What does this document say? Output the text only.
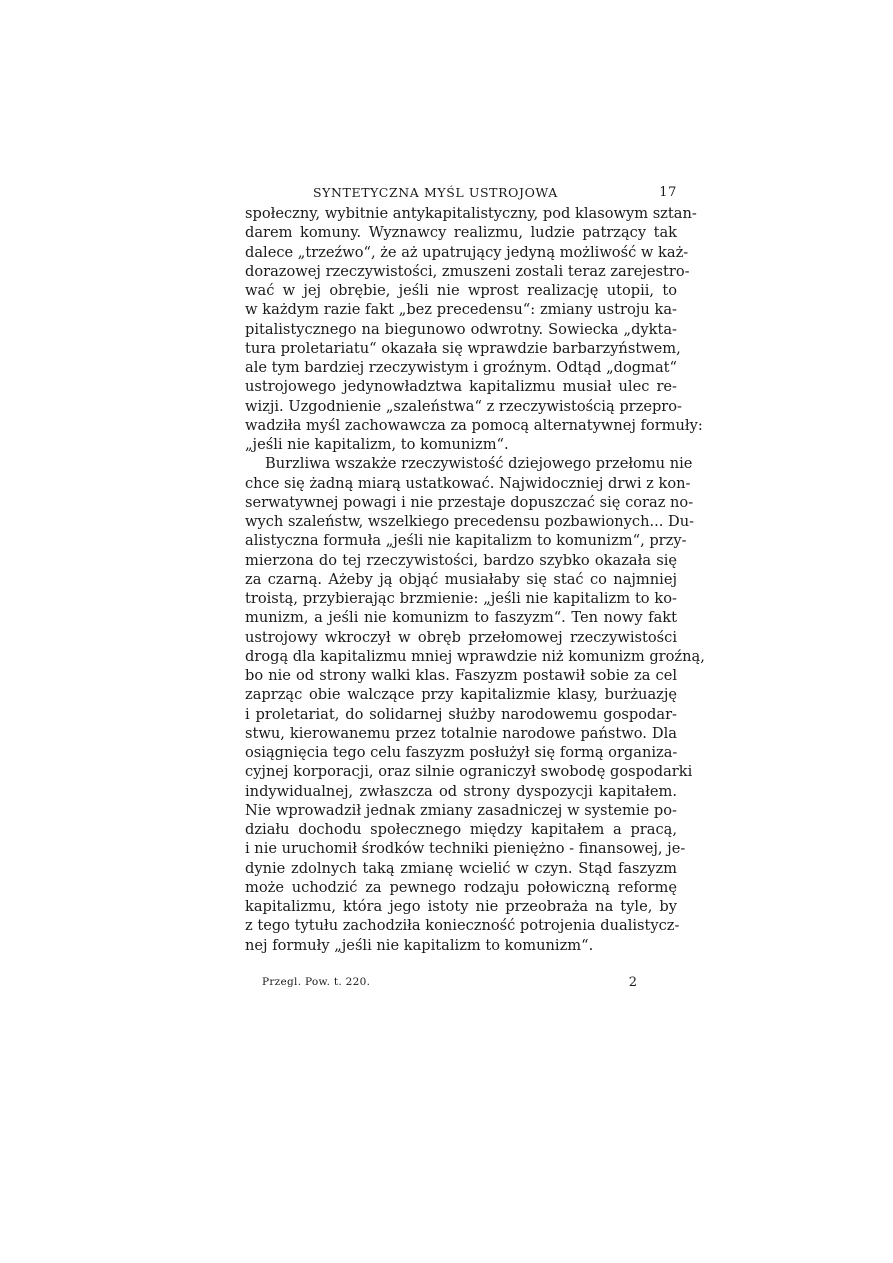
SYNTETYCZNA MYŚL USTROJOWA	17
społeczny, wybitnie antykapitalistyczny, pod klasowym sztan-
darem komuny. Wyznawcy realizmu, ludzie patrzący tak
dalece „trzeźwo“, że aż upatrujący jedyną możliwość w każ-
dorazowej rzeczywistości, zmuszeni zostali teraz zarejestro-
wać w jej obrębie, jeśli nie wprost realizację utopii, to
w każdym razie fakt „bez precedensu“: zmiany ustroju ka-
pitalistycznego na biegunowo odwrotny. Sowiecka „dykta-
tura proletariatu“ okazała się wprawdzie barbarzyństwem,
ale tym bardziej rzeczywistym i groźnym. Odtąd „dogmat“
ustrojowego jedynowładztwa kapitalizmu musiał ulec re-
wizji. Uzgodnienie „szaleństwa“ z rzeczywistością przepro-
wadziła myśl zachowawcza za pomocą alternatywnej formuły:
„jeśli nie kapitalizm, to komunizm“.
Burzliwa wszakże rzeczywistość dziejowego przełomu nie
chce się żadną miarą ustatkować. Najwidoczniej drwi z kon-
serwatywnej powagi i nie przestaje dopuszczać się coraz no-
wych szaleństw, wszelkiego precedensu pozbawionych... Du-
alistyczna formuła „jeśli nie kapitalizm to komunizm“, przy-
mierzona do tej rzeczywistości, bardzo szybko okazała się
za czarną. Ażeby ją objąć musiałaby się stać co najmniej
troistą, przybierając brzmienie: „jeśli nie kapitalizm to ko-
munizm, a jeśli nie komunizm to faszyzm“. Ten nowy fakt
ustrojowy wkroczył w obręb przełomowej rzeczywistości
drogą dla kapitalizmu mniej wprawdzie niż komunizm groźną,
bo nie od strony walki klas. Faszyzm postawił sobie za cel
zaprząc obie walczące przy kapitalizmie klasy, burżuazję
i proletariat, do solidarnej służby narodowemu gospodar-
stwu, kierowanemu przez totalnie narodowe państwo. Dla
osiągnięcia tego celu faszyzm posłużył się formą organiza-
cyjnej korporacji, oraz silnie ograniczył swobodę gospodarki
indywidualnej, zwłaszcza od strony dyspozycji kapitałem.
Nie wprowadził jednak zmiany zasadniczej w systemie po-
działu dochodu społecznego między kapitałem a pracą,
i nie uruchomił środków techniki pieniężno - finansowej, je-
dynie zdolnych taką zmianę wcielić w czyn. Stąd faszyzm
może uchodzić za pewnego rodzaju połowiczną reformę
kapitalizmu, która jego istoty nie przeobraża na tyle, by
z tego tytułu zachodziła konieczność potrojenia dualistycz-
nej formuły „jeśli nie kapitalizm to komunizm“.
Przegl. Pow. t. 220.	2
